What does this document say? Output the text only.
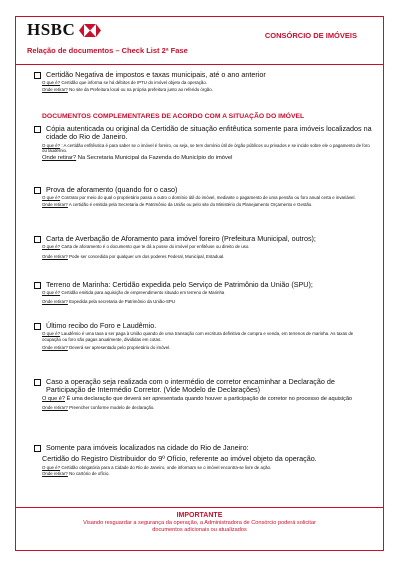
HSBC	CONSÓRCIO DE IMÓVEIS
Relação de documentos – Check List 2ª Fase
Certidão Negativa de impostos e taxas municipais, até o ano anterior
O que é? Certidão que informa se há débitos de IPTU do imóvel objeto da operação.
Onde retirar? No site da Prefeitura local ou na própria prefeitura junto ao referido órgão.
DOCUMENTOS COMPLEMENTARES DE ACORDO COM A SITUAÇÃO DO IMÓVEL
Cópia autenticada ou original da Certidão de situação enfitêutica somente para imóveis localizados na cidade do Rio de Janeiro.
O que é? : A certidão enfitêutica é para saber se o imóvel é foreiro, ou seja, se tem domínio útil de órgão públicos ou privados e se incide sobre ele o pagamento de foro ou laudêmio.
Onde retirar? Na Secretaria Municipal da Fazenda do Município do imóvel
Prova de aforamento (quando for o caso)
O que é? Contrato por meio do qual o proprietário passa a outro o domínio útil do imóvel, mediante o pagamento de uma pensão ou foro anual certa e invariável.
Onde retirar? A certidão é emitida pela Secretaria de Patrimônio da União ou pelo site do Ministério do Planejamento Orçamento e Gestão.
Carta de Averbação de Aforamento para imóvel foreiro (Prefeitura Municipal, outros);
O que é? Carta de aforamento é o documento que te dá a posse do imóvel por enfitêuse ou direito de uso.
Onde retirar? Pode ser concedida por qualquer um dos poderes Federal, Municipal, Estadual.
Terreno de Marinha: Certidão expedida pelo Serviço de Patrimônio da União (SPU);
O que é? Certidão emitida para aquisição de empreendimento situado em terreno de Marinha
Onde retirar? Expedida pela secretaria de Patrimônio da União-SPU
Último recibo do Foro e Laudêmio.
O que é? Laudêmio é uma taxa a ser paga à União quando de uma transação com escritura definitiva de compra e venda, em terrenos de marinha. As taxas de ocupação ou foro são pagas anualmente, divididas em cotas.
Onde retirar? Deverá ser apresentado pelo proprietário do imóvel.
Caso a operação seja realizada com o intermédio de corretor encaminhar a Declaração de Participação de Intermédio Corretor. (Vide Modelo de Declarações)
O que é? É uma declaração que deverá ser apresentada quando houver a participação de corretor no processo de aquisição
Onde retirar? Preencher conforme modelo de declaração.
Somente para imóveis localizados na cidade do Rio de Janeiro:
Certidão do Registro Distribuidor do 9º Ofício, referente ao imóvel objeto da operação.
O que é? Certidão obrigatória para a Cidade do Rio de Janeiro, onde informam se o imóvel encontra-se livre de ação.
Onde retirar? No cartório de ofício.
IMPORTANTE
Visando resguardar a segurança da operação, a Administradora de Consórcio poderá solicitar documentos adicionais ou atualizados
